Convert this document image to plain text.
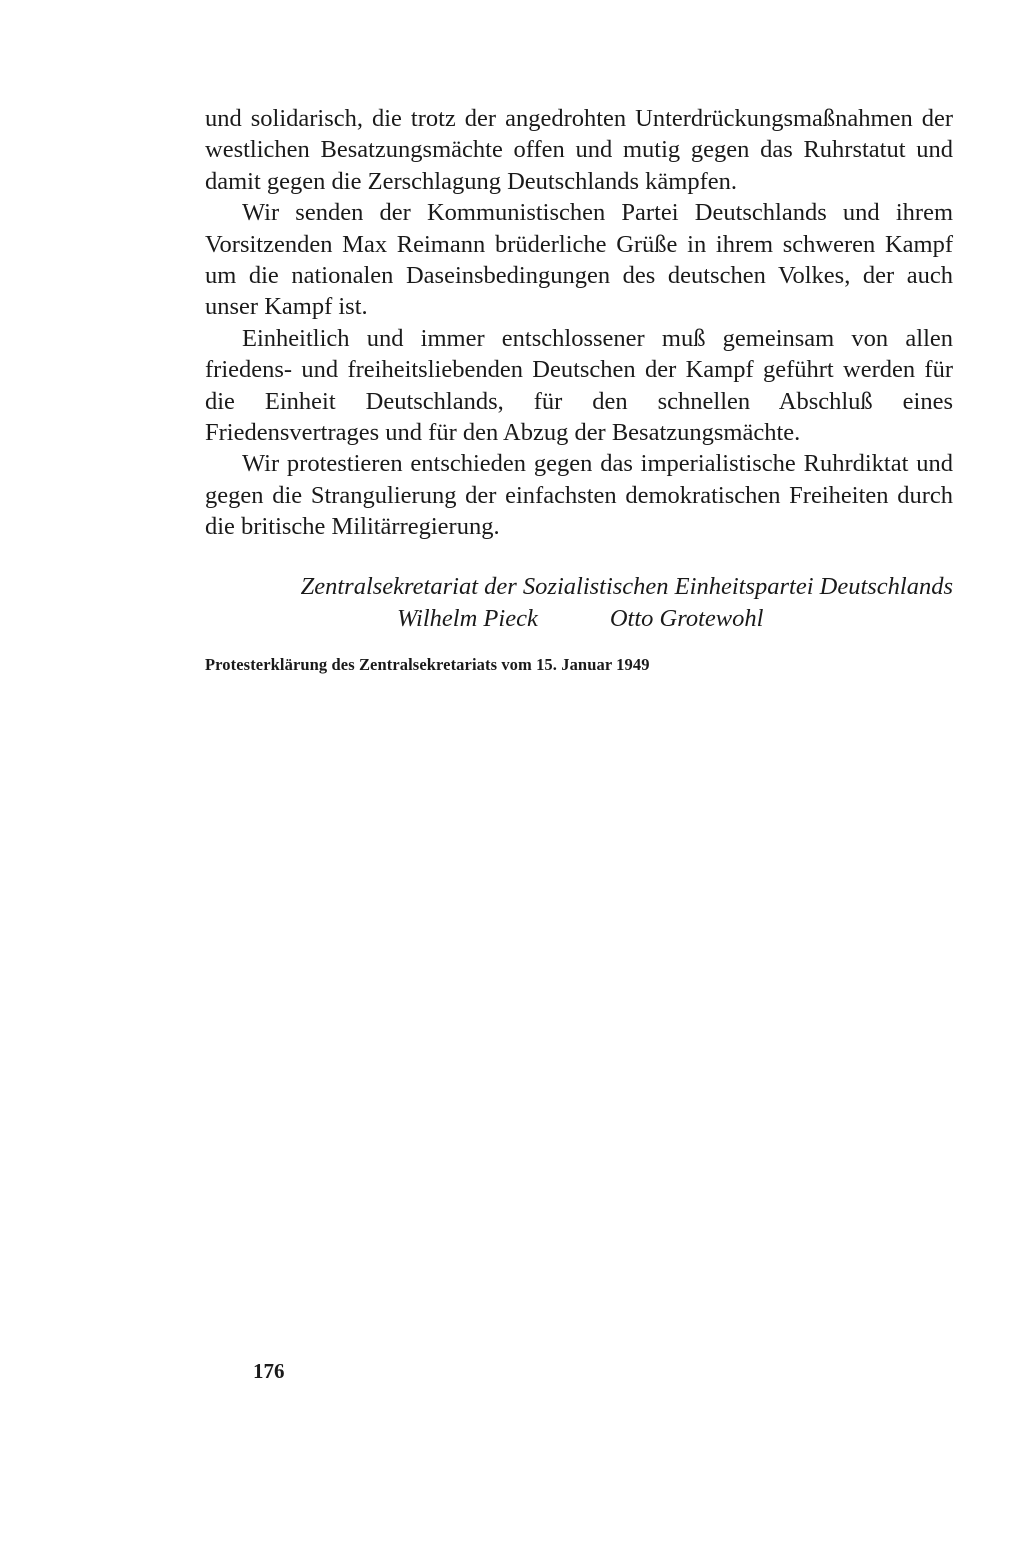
und solidarisch, die trotz der angedrohten Unterdrückungsmaßnahmen der westlichen Besatzungsmächte offen und mutig gegen das Ruhrstatut und damit gegen die Zerschlagung Deutschlands kämpfen.

Wir senden der Kommunistischen Partei Deutschlands und ihrem Vorsitzenden Max Reimann brüderliche Grüße in ihrem schweren Kampf um die nationalen Daseinsbedingungen des deutschen Volkes, der auch unser Kampf ist.

Einheitlich und immer entschlossener muß gemeinsam von allen friedens- und freiheitsliebenden Deutschen der Kampf geführt werden für die Einheit Deutschlands, für den schnellen Abschluß eines Friedensvertrages und für den Abzug der Besatzungsmächte.

Wir protestieren entschieden gegen das imperialistische Ruhrdiktat und gegen die Strangulierung der einfachsten demokratischen Freiheiten durch die britische Militärregierung.

Zentralsekretariat der Sozialistischen Einheitspartei Deutschlands
Wilhelm Pieck	Otto Grotewohl
Protesterklärung des Zentralsekretariats vom 15. Januar 1949
176
